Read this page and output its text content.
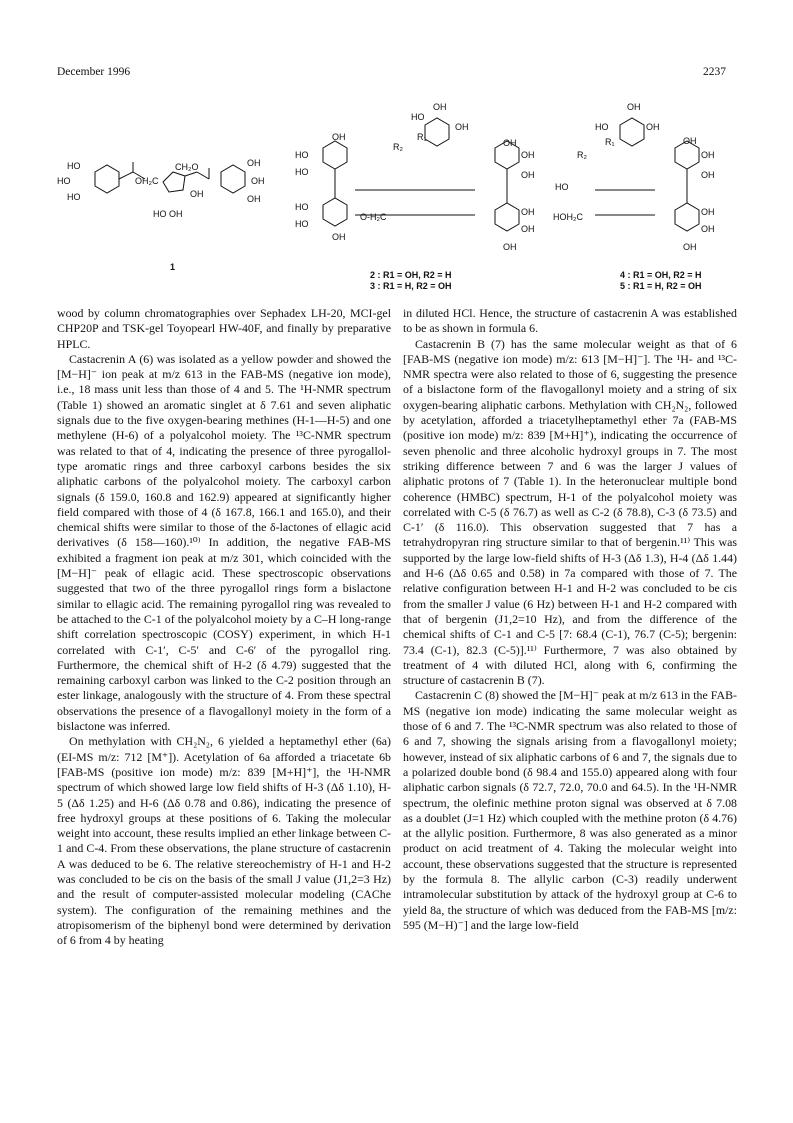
December 1996	2237
HO
HO
HO
OH₂C
CH₂O
OH
HO OH
OH
OH
OH
HO
HO
HO
HO
OH
OH
HO
OH
OH
R₂
R₁
OH
OH
OH
OH
OH
OH
O-H₂C
HO
OH
OH
R₂
R₁
HO
HOH₂C
OH
OH
OH
OH
OH
OH
1
2 : R1 = OH, R2 = H
3 : R1 = H, R2 = OH
4 : R1 = OH, R2 = H
5 : R1 = H, R2 = OH

wood by column chromatographies over Sephadex LH-20, MCI-gel CHP20P and TSK-gel Toyopearl HW-40F, and finally by preparative HPLC.

Castacrenin A (6) was isolated as a yellow powder and showed the [M−H]⁻ ion peak at m/z 613 in the FAB-MS (negative ion mode), i.e., 18 mass unit less than those of 4 and 5. The ¹H-NMR spectrum (Table 1) showed an aromatic singlet at δ 7.61 and seven aliphatic signals due to the five oxygen-bearing methines (H-1—H-5) and one methylene (H-6) of a polyalcohol moiety. The ¹³C-NMR spectrum was related to that of 4, indicating the presence of three pyrogallol-type aromatic rings and three carboxyl carbons besides the six aliphatic carbons of the polyalcohol moiety. The carboxyl carbon signals (δ 159.0, 160.8 and 162.9) appeared at significantly higher field compared with those of 4 (δ 167.8, 166.1 and 165.0), and their chemical shifts were similar to those of the δ-lactones of ellagic acid derivatives (δ 158—160).¹⁰⁾ In addition, the negative FAB-MS exhibited a fragment ion peak at m/z 301, which coincided with the [M−H]⁻ peak of ellagic acid. These spectroscopic observations suggested that two of the three pyrogallol rings form a bislactone similar to ellagic acid. The remaining pyrogallol ring was revealed to be attached to the C-1 of the polyalcohol moiety by a C–H long-range shift correlation spectroscopic (COSY) experiment, in which H-1 correlated with C-1′, C-5′ and C-6′ of the pyrogallol ring. Furthermore, the chemical shift of H-2 (δ 4.79) suggested that the remaining carboxyl carbon was linked to the C-2 position through an ester linkage, analogously with the structure of 4. From these spectral observations the presence of a flavogallonyl moiety in the form of a bislactone was inferred.

On methylation with CH₂N₂, 6 yielded a heptamethyl ether (6a) (EI-MS m/z: 712 [M⁺]). Acetylation of 6a afforded a triacetate 6b [FAB-MS (positive ion mode) m/z: 839 [M+H]⁺], the ¹H-NMR spectrum of which showed large low field shifts of H-3 (Δδ 1.10), H-5 (Δδ 1.25) and H-6 (Δδ 0.78 and 0.86), indicating the presence of free hydroxyl groups at these positions of 6. Taking the molecular weight into account, these results implied an ether linkage between C-1 and C-4. From these observations, the plane structure of castacrenin A was deduced to be 6. The relative stereochemistry of H-1 and H-2 was concluded to be cis on the basis of the small J value (J1,2=3 Hz) and the result of computer-assisted molecular modeling (CAChe system). The configuration of the remaining methines and the atropisomerism of the biphenyl bond were determined by derivation of 6 from 4 by heating

in diluted HCl. Hence, the structure of castacrenin A was established to be as shown in formula 6.

Castacrenin B (7) has the same molecular weight as that of 6 [FAB-MS (negative ion mode) m/z: 613 [M−H]⁻]. The ¹H- and ¹³C-NMR spectra were also related to those of 6, suggesting the presence of a bislactone form of the flavogallonyl moiety and a string of six oxygen-bearing aliphatic carbons. Methylation with CH₂N₂, followed by acetylation, afforded a triacetylheptamethyl ether 7a (FAB-MS (positive ion mode) m/z: 839 [M+H]⁺), indicating the occurrence of seven phenolic and three alcoholic hydroxyl groups in 7. The most striking difference between 7 and 6 was the larger J values of aliphatic protons of 7 (Table 1). In the heteronuclear multiple bond coherence (HMBC) spectrum, H-1 of the polyalcohol moiety was correlated with C-5 (δ 76.7) as well as C-2 (δ 78.8), C-3 (δ 73.5) and C-1′ (δ 116.0). This observation suggested that 7 has a tetrahydropyran ring structure similar to that of bergenin.¹¹⁾ This was supported by the large low-field shifts of H-3 (Δδ 1.3), H-4 (Δδ 1.44) and H-6 (Δδ 0.65 and 0.58) in 7a compared with those of 7. The relative configuration between H-1 and H-2 was concluded to be cis from the smaller J value (6 Hz) between H-1 and H-2 compared with that of bergenin (J1,2=10 Hz), and from the difference of the chemical shifts of C-1 and C-5 [7: 68.4 (C-1), 76.7 (C-5); bergenin: 73.4 (C-1), 82.3 (C-5)].¹¹⁾ Furthermore, 7 was also obtained by treatment of 4 with diluted HCl, along with 6, confirming the structure of castacrenin B (7).

Castacrenin C (8) showed the [M−H]⁻ peak at m/z 613 in the FAB-MS (negative ion mode) indicating the same molecular weight as those of 6 and 7. The ¹³C-NMR spectrum was also related to those of 6 and 7, showing the signals arising from a flavogallonyl moiety; however, instead of six aliphatic carbons of 6 and 7, the signals due to a polarized double bond (δ 98.4 and 155.0) appeared along with four aliphatic carbon signals (δ 72.7, 72.0, 70.0 and 64.5). In the ¹H-NMR spectrum, the olefinic methine proton signal was observed at δ 7.08 as a doublet (J=1 Hz) which coupled with the methine proton (δ 4.76) at the allylic position. Furthermore, 8 was also generated as a minor product on acid treatment of 4. Taking the molecular weight into account, these observations suggested that the structure is represented by the formula 8. The allylic carbon (C-3) readily underwent intramolecular substitution by attack of the hydroxyl group at C-6 to yield 8a, the structure of which was deduced from the FAB-MS [m/z: 595 (M−H)⁻] and the large low-field
